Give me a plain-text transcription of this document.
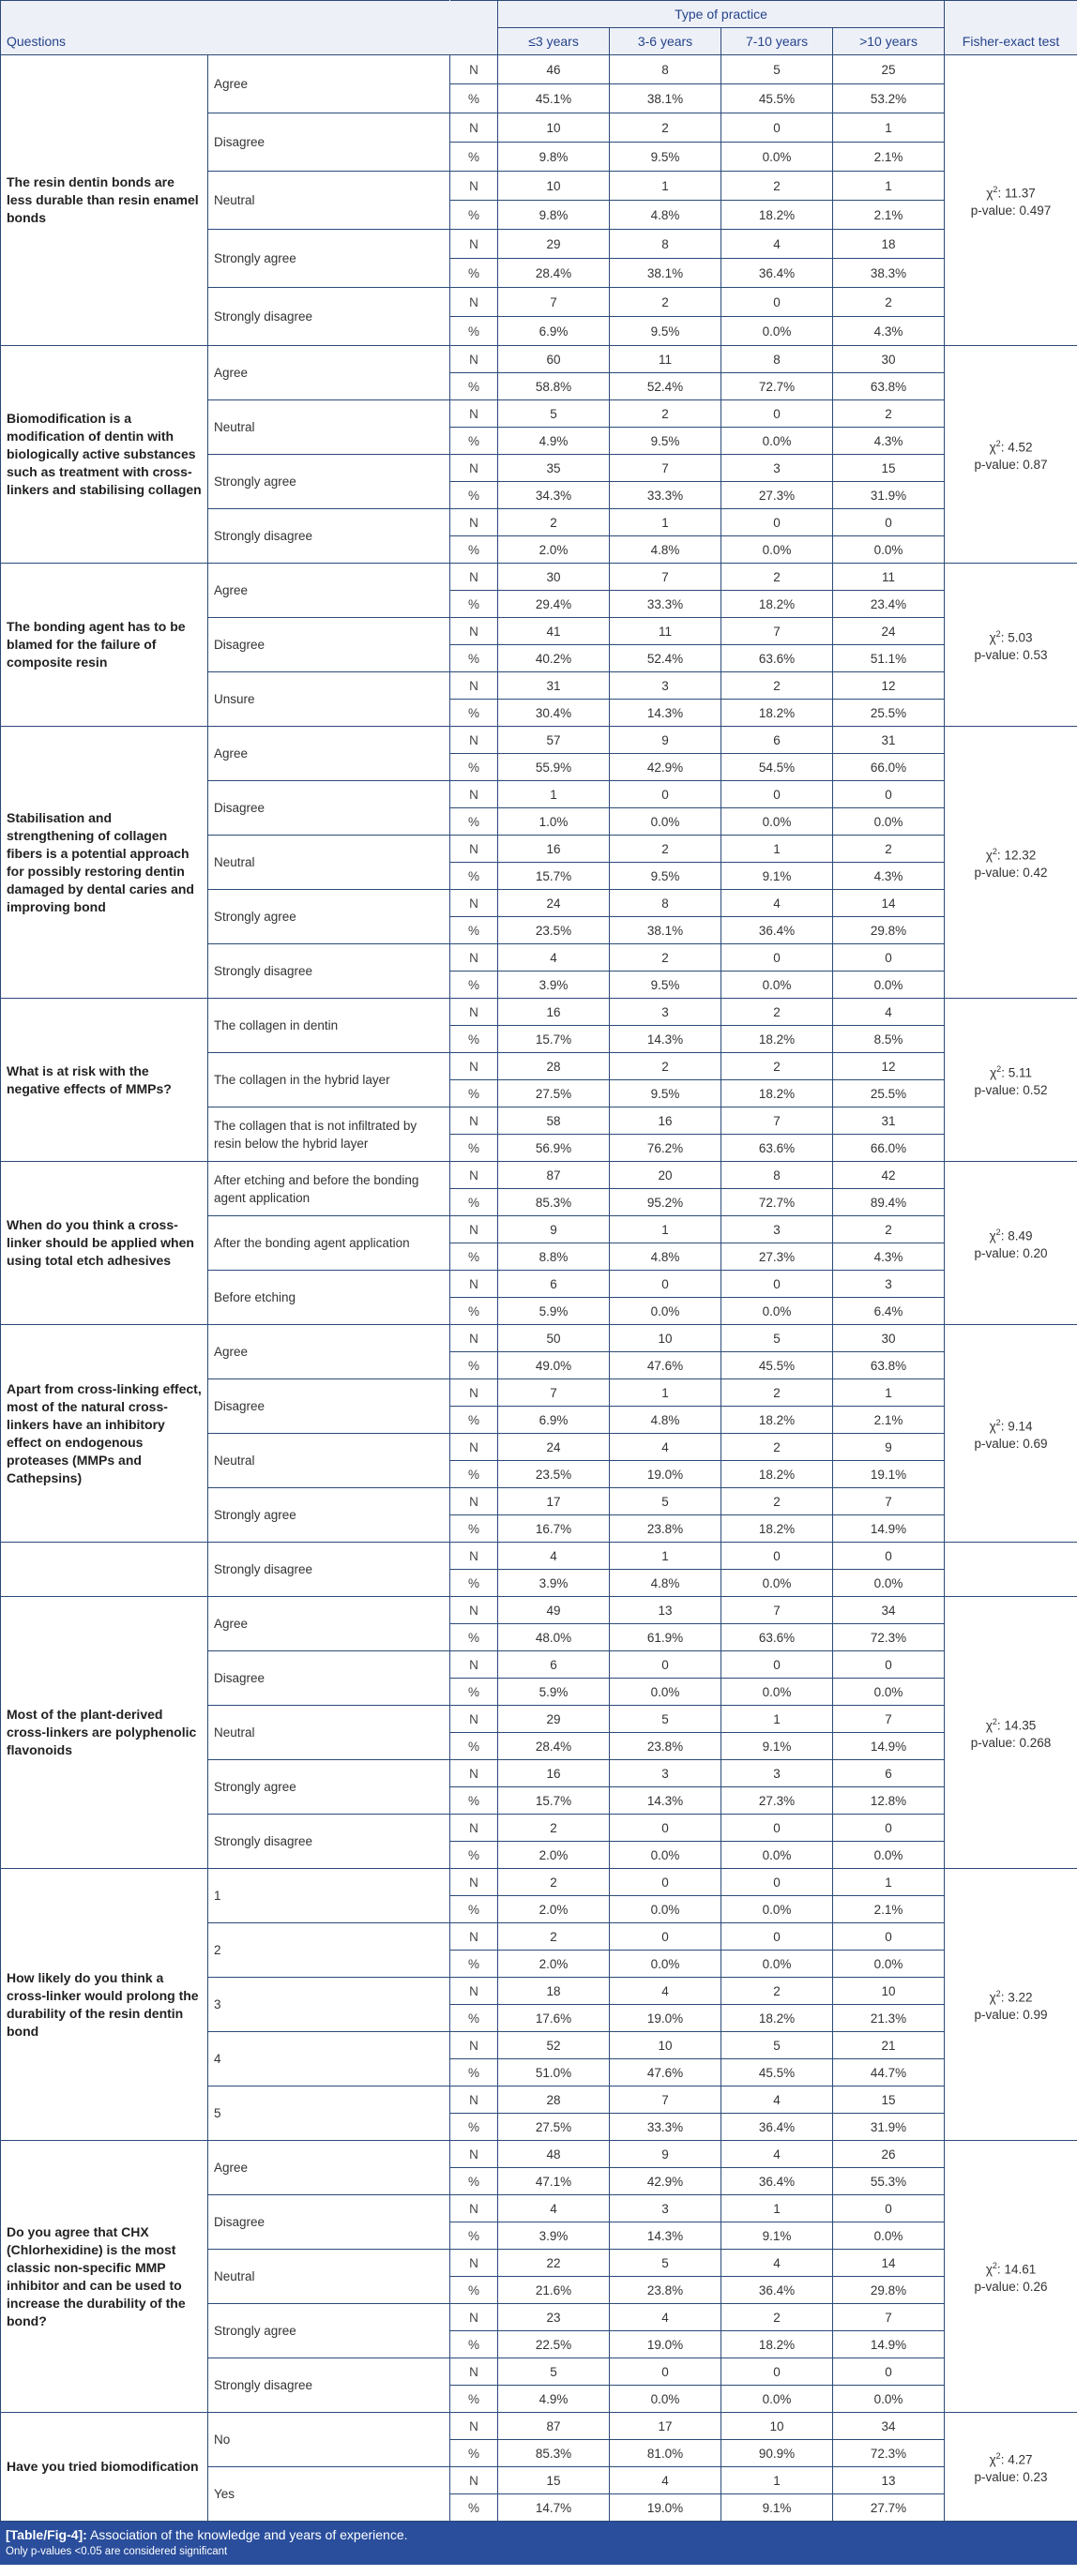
Questions			Type of practice				Fisher-exact test
			≤3 years	3-6 years	7-10 years	>10 years	
The resin dentin bonds are less durable than resin enamel bonds	Agree	N	46	8	5	25	$\chi^2$: 11.37
p-value: 0.497

		%	45.1%	38.1%	45.5%	53.2%	
	Disagree	N	10	2	0	1	
		%	9.8%	9.5%	0.0%	2.1%	
	Neutral	N	10	1	2	1	
		%	9.8%	4.8%	18.2%	2.1%	
	Strongly agree	N	29	8	4	18	
		%	28.4%	38.1%	36.4%	38.3%	
	Strongly disagree	N	7	2	0	2	
		%	6.9%	9.5%	0.0%	4.3%	
Biomodification is a modification of dentin with biologically active substances such as treatment with cross-linkers and stabilising collagen	Agree	N	60	11	8	30	$\chi^2$: 4.52
p-value: 0.87

		%	58.8%	52.4%	72.7%	63.8%	
	Neutral	N	5	2	0	2	
		%	4.9%	9.5%	0.0%	4.3%	
	Strongly agree	N	35	7	3	15	
		%	34.3%	33.3%	27.3%	31.9%	
	Strongly disagree	N	2	1	0	0	
		%	2.0%	4.8%	0.0%	0.0%	
The bonding agent has to be blamed for the failure of composite resin	Agree	N	30	7	2	11	$\chi^2$: 5.03
p-value: 0.53

		%	29.4%	33.3%	18.2%	23.4%	
	Disagree	N	41	11	7	24	
		%	40.2%	52.4%	63.6%	51.1%	
	Unsure	N	31	3	2	12	
		%	30.4%	14.3%	18.2%	25.5%	
Stabilisation and strengthening of collagen fibers is a potential approach for possibly restoring dentin damaged by dental caries and improving bond	Agree	N	57	9	6	31	$\chi^2$: 12.32
p-value: 0.42

		%	55.9%	42.9%	54.5%	66.0%	
	Disagree	N	1	0	0	0	
		%	1.0%	0.0%	0.0%	0.0%	
	Neutral	N	16	2	1	2	
		%	15.7%	9.5%	9.1%	4.3%	
	Strongly agree	N	24	8	4	14	
		%	23.5%	38.1%	36.4%	29.8%	
	Strongly disagree	N	4	2	0	0	
		%	3.9%	9.5%	0.0%	0.0%	
What is at risk with the negative effects of MMPs?	The collagen in dentin	N	16	3	2	4	$\chi^2$: 5.11
p-value: 0.52

		%	15.7%	14.3%	18.2%	8.5%	
	The collagen in the hybrid layer	N	28	2	2	12	
		%	27.5%	9.5%	18.2%	25.5%	
	The collagen that is not infiltrated by resin below the hybrid layer	N	58	16	7	31	
		%	56.9%	76.2%	63.6%	66.0%	
When do you think a cross-linker should be applied when using total etch adhesives	After etching and before the bonding agent application	N	87	20	8	42	$\chi^2$: 8.49
p-value: 0.20

		%	85.3%	95.2%	72.7%	89.4%	
	After the bonding agent application	N	9	1	3	2	
		%	8.8%	4.8%	27.3%	4.3%	
	Before etching	N	6	0	0	3	
		%	5.9%	0.0%	0.0%	6.4%	
Apart from cross-linking effect, most of the natural cross-linkers have an inhibitory effect on endogenous proteases (MMPs and Cathepsins)	Agree	N	50	10	5	30	$\chi^2$: 9.14
p-value: 0.69

		%	49.0%	47.6%	45.5%	63.8%	
	Disagree	N	7	1	2	1	
		%	6.9%	4.8%	18.2%	2.1%	
	Neutral	N	24	4	2	9	
		%	23.5%	19.0%	18.2%	19.1%	
	Strongly agree	N	17	5	2	7	
		%	16.7%	23.8%	18.2%	14.9%	
	Strongly disagree	N	4	1	0	0	
		%	3.9%	4.8%	0.0%	0.0%	
Most of the plant-derived cross-linkers are polyphenolic flavonoids	Agree	N	49	13	7	34	$\chi^2$: 14.35
p-value: 0.268

		%	48.0%	61.9%	63.6%	72.3%	
	Disagree	N	6	0	0	0	
		%	5.9%	0.0%	0.0%	0.0%	
	Neutral	N	29	5	1	7	
		%	28.4%	23.8%	9.1%	14.9%	
	Strongly agree	N	16	3	3	6	
		%	15.7%	14.3%	27.3%	12.8%	
	Strongly disagree	N	2	0	0	0	
		%	2.0%	0.0%	0.0%	0.0%	
How likely do you think a cross-linker would prolong the durability of the resin dentin bond	1	N	2	0	0	1	$\chi^2$: 3.22
p-value: 0.99

		%	2.0%	0.0%	0.0%	2.1%	
	2	N	2	0	0	0	
		%	2.0%	0.0%	0.0%	0.0%	
	3	N	18	4	2	10	
		%	17.6%	19.0%	18.2%	21.3%	
	4	N	52	10	5	21	
		%	51.0%	47.6%	45.5%	44.7%	
	5	N	28	7	4	15	
		%	27.5%	33.3%	36.4%	31.9%	
Do you agree that CHX (Chlorhexidine) is the most classic non-specific MMP inhibitor and can be used to increase the durability of the bond?	Agree	N	48	9	4	26	$\chi^2$: 14.61
p-value: 0.26

		%	47.1%	42.9%	36.4%	55.3%	
	Disagree	N	4	3	1	0	
		%	3.9%	14.3%	9.1%	0.0%	
	Neutral	N	22	5	4	14	
		%	21.6%	23.8%	36.4%	29.8%	
	Strongly agree	N	23	4	2	7	
		%	22.5%	19.0%	18.2%	14.9%	
	Strongly disagree	N	5	0	0	0	
		%	4.9%	0.0%	0.0%	0.0%	
Have you tried biomodification	No	N	87	17	10	34	$\chi^2$: 4.27
p-value: 0.23

		%	85.3%	81.0%	90.9%	72.3%	
	Yes	N	15	4	1	13	
		%	14.7%	19.0%	9.1%	27.7%	
[Table/Fig-4]: Association of the knowledge and years of experience.
Only p-values <0.05 are considered significant
